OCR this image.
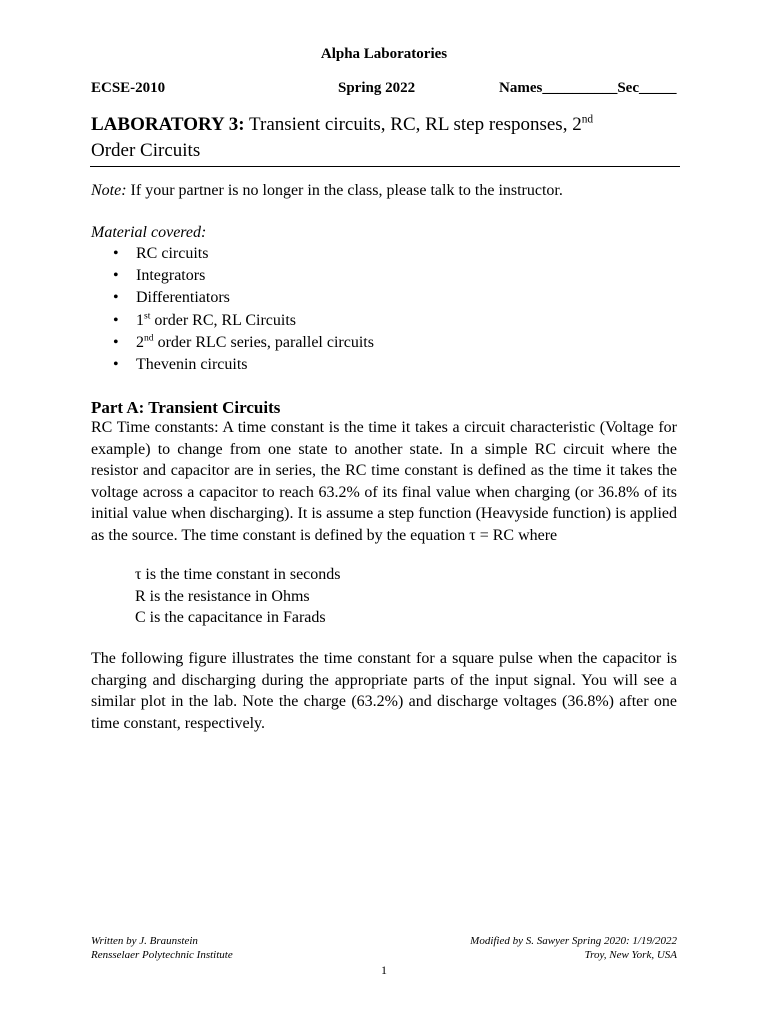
Alpha Laboratories
ECSE-2010	Spring 2022	Names__________Sec_____
LABORATORY 3: Transient circuits, RC, RL step responses, 2nd
Order Circuits
Note: If your partner is no longer in the class, please talk to the instructor.
Material covered:
• RC circuits
• Integrators
• Differentiators
• 1st order RC, RL Circuits
• 2nd order RLC series, parallel circuits
• Thevenin circuits
Part A: Transient Circuits

RC Time constants: A time constant is the time it takes a circuit characteristic (Voltage for example) to change from one state to another state. In a simple RC circuit where the resistor and capacitor are in series, the RC time constant is defined as the time it takes the voltage across a capacitor to reach 63.2% of its final value when charging (or 36.8% of its initial value when discharging). It is assume a step function (Heavyside function) is applied as the source. The time constant is defined by the equation τ = RC where

τ is the time constant in seconds
R is the resistance in Ohms
C is the capacitance in Farads

The following figure illustrates the time constant for a square pulse when the capacitor is charging and discharging during the appropriate parts of the input signal. You will see a similar plot in the lab. Note the charge (63.2%) and discharge voltages (36.8%) after one time constant, respectively.

Written by J. Braunstein
Rensselaer Polytechnic Institute
Modified by S. Sawyer Spring 2020: 1/19/2022
Troy, New York, USA
1
